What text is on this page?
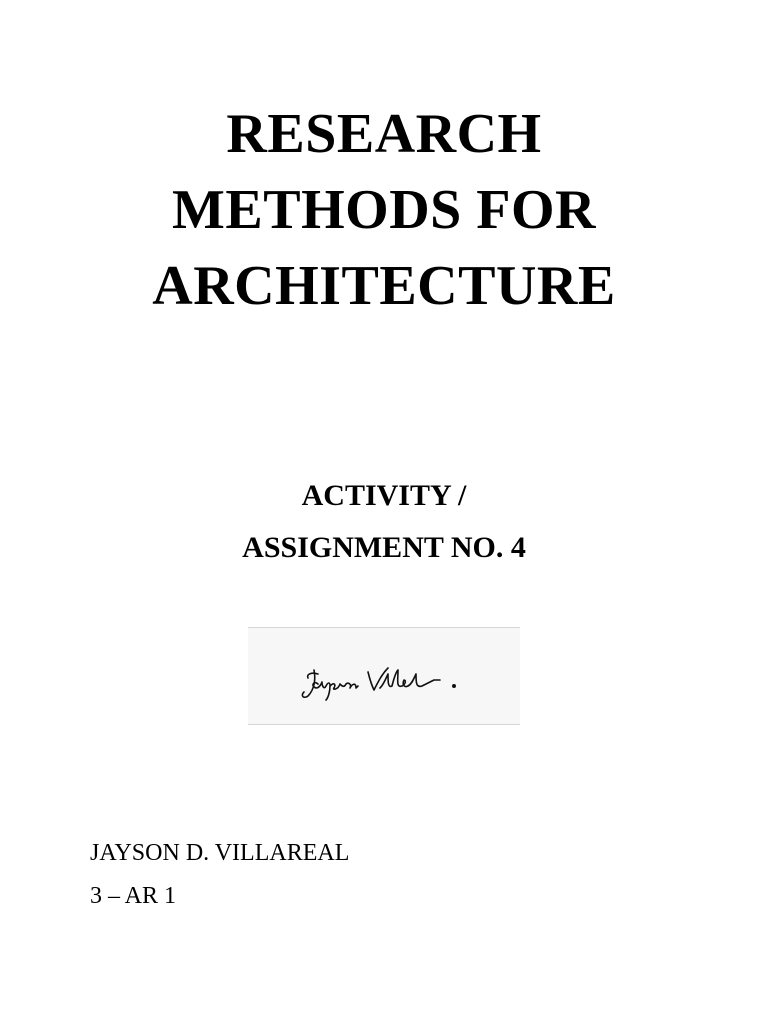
RESEARCH
METHODS FOR
ARCHITECTURE
ACTIVITY /
ASSIGNMENT NO. 4
JAYSON D. VILLAREAL
3 – AR 1
